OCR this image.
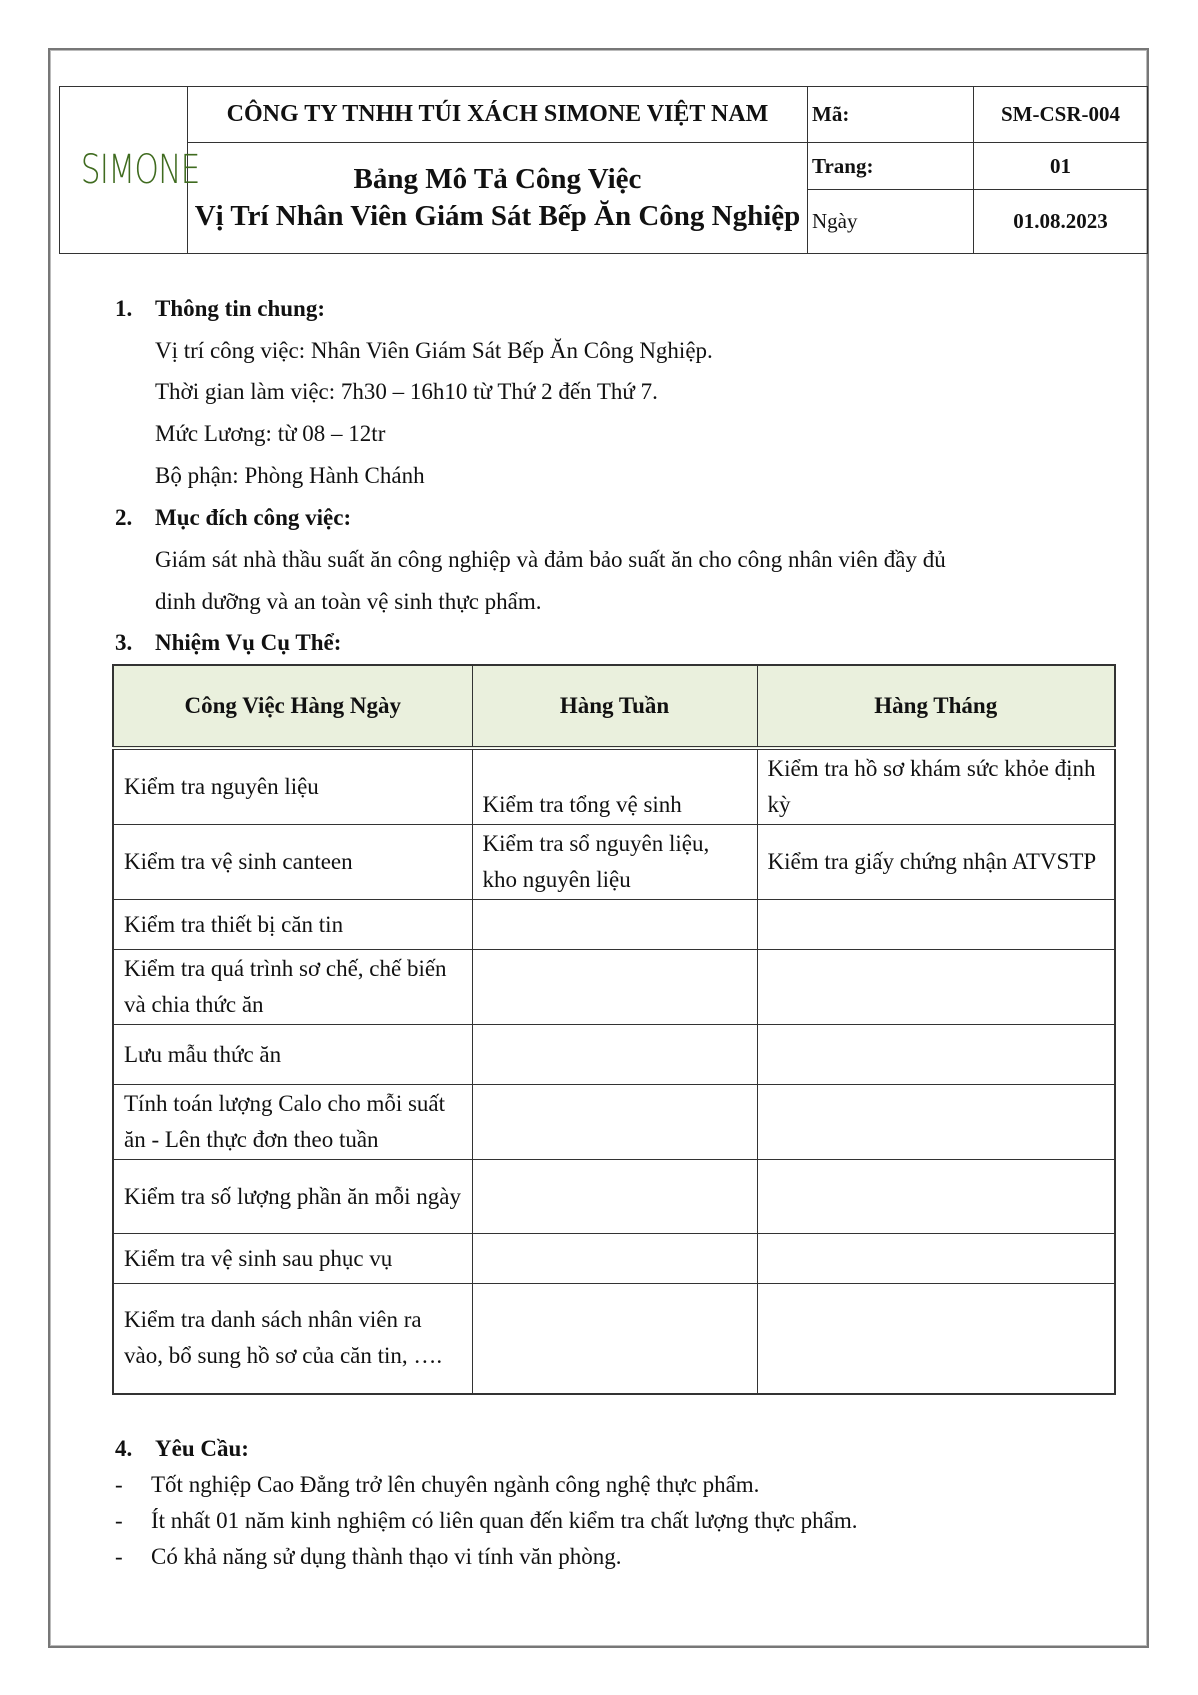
SIMONE	CÔNG TY TNHH TÚI XÁCH SIMONE VIỆT NAM	Mã:	SM-CSR-004

	Bảng Mô Tả Công Việc
Vị Trí Nhân Viên Giám Sát Bếp Ăn Công Nghiệp	Trang:	01
		Ngày	01.08.2023
1. Thông tin chung:
Vị trí công việc: Nhân Viên Giám Sát Bếp Ăn Công Nghiệp.
Thời gian làm việc: 7h30 – 16h10 từ Thứ 2 đến Thứ 7.
Mức Lương: từ 08 – 12tr
Bộ phận: Phòng Hành Chánh
2. Mục đích công việc:
Giám sát nhà thầu suất ăn công nghiệp và đảm bảo suất ăn cho công nhân viên đầy đủ
dinh dưỡng và an toàn vệ sinh thực phẩm.
3. Nhiệm Vụ Cụ Thể:
Công Việc Hàng Ngày	Hàng Tuần	Hàng Tháng
Kiểm tra nguyên liệu	Kiểm tra tổng vệ sinh	Kiểm tra hồ sơ khám sức khỏe định kỳ
Kiểm tra vệ sinh canteen	Kiểm tra sổ nguyên liệu, kho nguyên liệu	Kiểm tra giấy chứng nhận ATVSTP
Kiểm tra thiết bị căn tin		
Kiểm tra quá trình sơ chế, chế biến và chia thức ăn		
Lưu mẫu thức ăn		
Tính toán lượng Calo cho mỗi suất ăn - Lên thực đơn theo tuần		
Kiểm tra số lượng phần ăn mỗi ngày		
Kiểm tra vệ sinh sau phục vụ		
Kiểm tra danh sách nhân viên ra vào, bổ sung hồ sơ của căn tin, ….		
4. Yêu Cầu:
- Tốt nghiệp Cao Đẳng trở lên chuyên ngành công nghệ thực phẩm.
- Ít nhất 01 năm kinh nghiệm có liên quan đến kiểm tra chất lượng thực phẩm.
- Có khả năng sử dụng thành thạo vi tính văn phòng.
